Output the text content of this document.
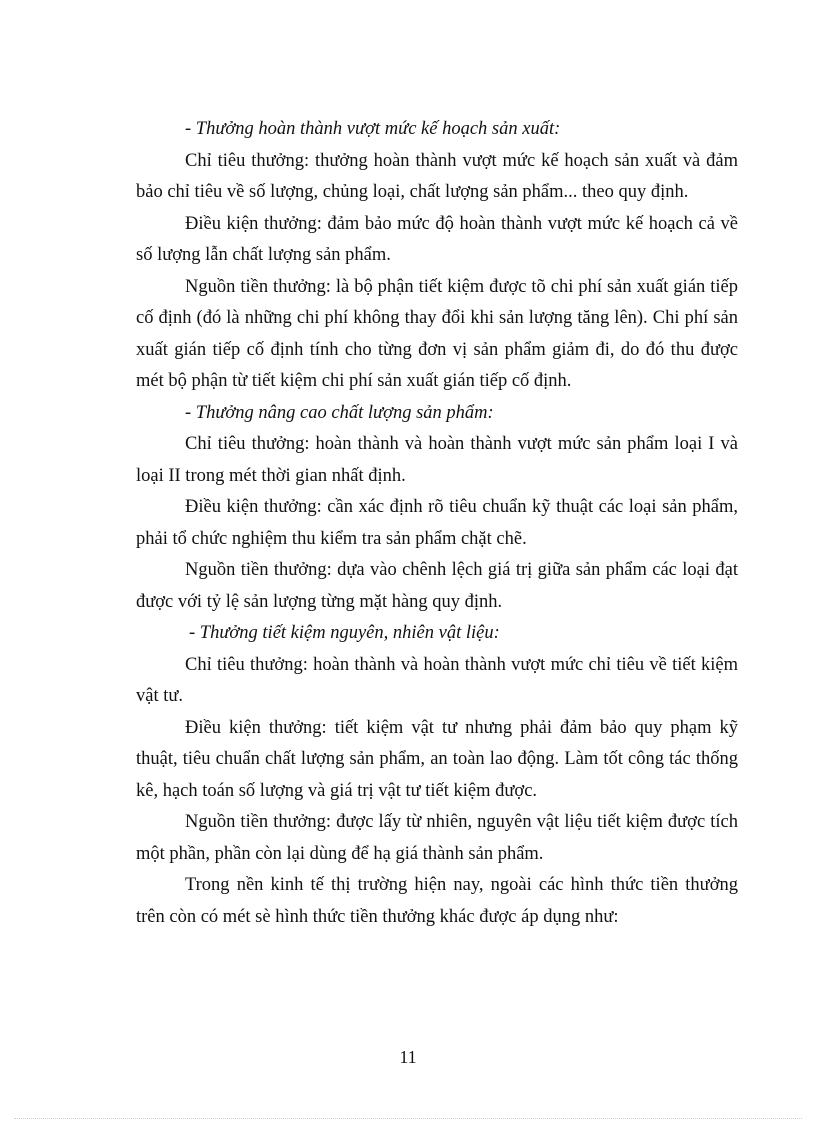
- Thưởng hoàn thành vượt mức kế hoạch sản xuất:

Chỉ tiêu thưởng: thưởng hoàn thành vượt mức kế hoạch sản xuất và đảm bảo chỉ tiêu về số lượng, chủng loại, chất lượng sản phẩm... theo quy định.

Điều kiện thưởng: đảm bảo mức độ hoàn thành vượt mức kế hoạch cả về số lượng lẫn chất lượng sản phẩm.

Nguồn tiền thưởng: là bộ phận tiết kiệm được tõ chi phí sản xuất gián tiếp cố định (đó là những chi phí không thay đổi khi sản lượng tăng lên). Chi phí sản xuất gián tiếp cố định tính cho từng đơn vị sản phẩm giảm đi, do đó thu được mét bộ phận từ tiết kiệm chi phí sản xuất gián tiếp cố định.

- Thưởng nâng cao chất lượng sản phẩm:

Chỉ tiêu thưởng: hoàn thành và hoàn thành vượt mức sản phẩm loại I và loại II trong mét thời gian nhất định.

Điều kiện thưởng: cần xác định rõ tiêu chuẩn kỹ thuật các loại sản phẩm, phải tổ chức nghiệm thu kiểm tra sản phẩm chặt chẽ.

Nguồn tiền thưởng: dựa vào chênh lệch giá trị giữa sản phẩm các loại đạt được với tỷ lệ sản lượng từng mặt hàng quy định.

- Thưởng tiết kiệm nguyên, nhiên vật liệu:

Chỉ tiêu thưởng: hoàn thành và hoàn thành vượt mức chỉ tiêu về tiết kiệm vật tư.

Điều kiện thưởng: tiết kiệm vật tư nhưng phải đảm bảo quy phạm kỹ thuật, tiêu chuẩn chất lượng sản phẩm, an toàn lao động. Làm tốt công tác thống kê, hạch toán số lượng và giá trị vật tư tiết kiệm được.

Nguồn tiền thưởng: được lấy từ nhiên, nguyên vật liệu tiết kiệm được tích một phần, phần còn lại dùng để hạ giá thành sản phẩm.

Trong nền kinh tế thị trường hiện nay, ngoài các hình thức tiền thưởng trên còn có mét sè hình thức tiền thưởng khác được áp dụng như:

11
